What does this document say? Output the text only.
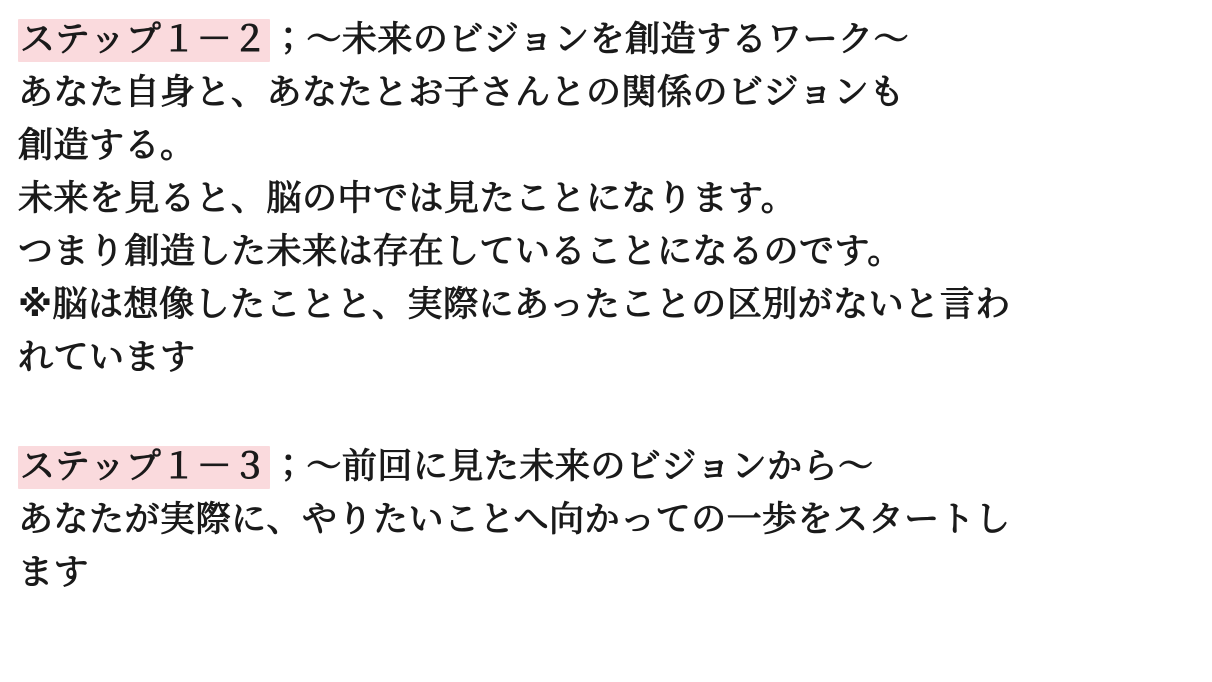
ステップ１－２；〜未来のビジョンを創造するワーク〜
あなた自身と、あなたとお子さんとの関係のビジョンも
創造する。
未来を見ると、脳の中では見たことになります。
つまり創造した未来は存在していることになるのです。
※脳は想像したことと、実際にあったことの区別がないと言わ
れています
ステップ１－３；〜前回に見た未来のビジョンから〜
あなたが実際に、やりたいことへ向かっての一歩をスタートし
ます
